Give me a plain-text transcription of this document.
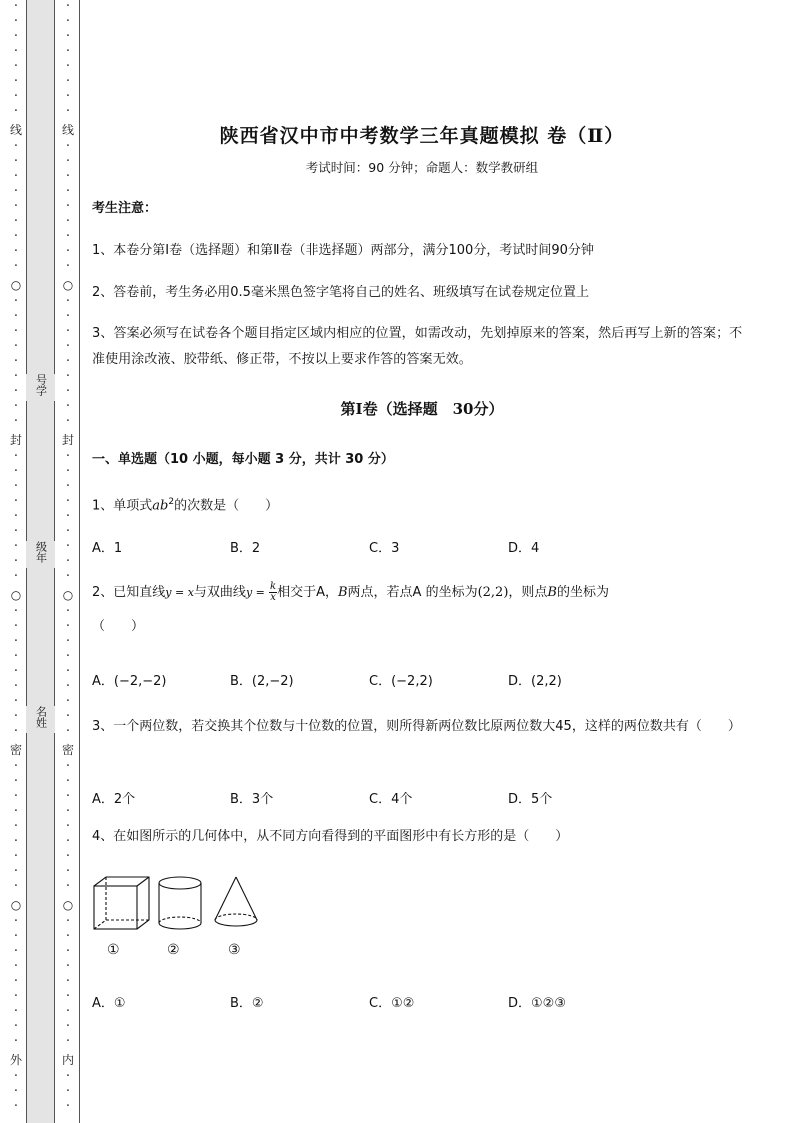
·
·
·
·
·
·
·
·
线
·
·
·
·
·
·
·
·
·
○
·
·
·
·
·
·
·
·
·
封
·
·
·
·
·
·
·
·
·
○
·
·
·
·
·
·
·
·
·
密
·
·
·
·
·
·
·
·
·
○
·
·
·
·
·
·
·
·
·
外
·
·
·
号学
级年
名姓
·
·
·
·
·
·
·
·
线
·
·
·
·
·
·
·
·
·
○
·
·
·
·
·
·
·
·
·
封
·
·
·
·
·
·
·
·
·
○
·
·
·
·
·
·
·
·
·
密
·
·
·
·
·
·
·
·
·
○
·
·
·
·
·
·
·
·
·
内
·
·
·
陕西省汉中市中考数学三年真题模拟 卷（Ⅱ）
考试时间：90 分钟；命题人：数学教研组
考生注意：
1、本卷分第Ⅰ卷（选择题）和第Ⅱ卷（非选择题）两部分，满分100分，考试时间90分钟
2、答卷前，考生务必用0.5毫米黑色签字笔将自己的姓名、班级填写在试卷规定位置上
3、答案必须写在试卷各个题目指定区域内相应的位置，如需改动，先划掉原来的答案，然后再写上新的答案；不准使用涂改液、胶带纸、修正带，不按以上要求作答的答案无效。
第Ⅰ卷（选择题　30分）
一、单选题（10 小题，每小题 3 分，共计 30 分）
1、单项式$ab^2$的次数是（　　）
A．1	B．2	C．3	D．4
2、已知直线y = x与双曲线$y = \frac{k}{x}$ 相交于A，B两点，若点A 的坐标为(2,2)，则点B的坐标为
（　　）
A．(−2,−2)	B．(2,−2)	C．(−2,2)	D．(2,2)
3、一个两位数，若交换其个位数与十位数的位置，则所得新两位数比原两位数大45，这样的两位数共有（　　）
A．2个	B．3个	C．4个	D．5个
4、在如图所示的几何体中，从不同方向看得到的平面图形中有长方形的是（　　）
①	②	③
A．①	B．②	C．①②	D．①②③
